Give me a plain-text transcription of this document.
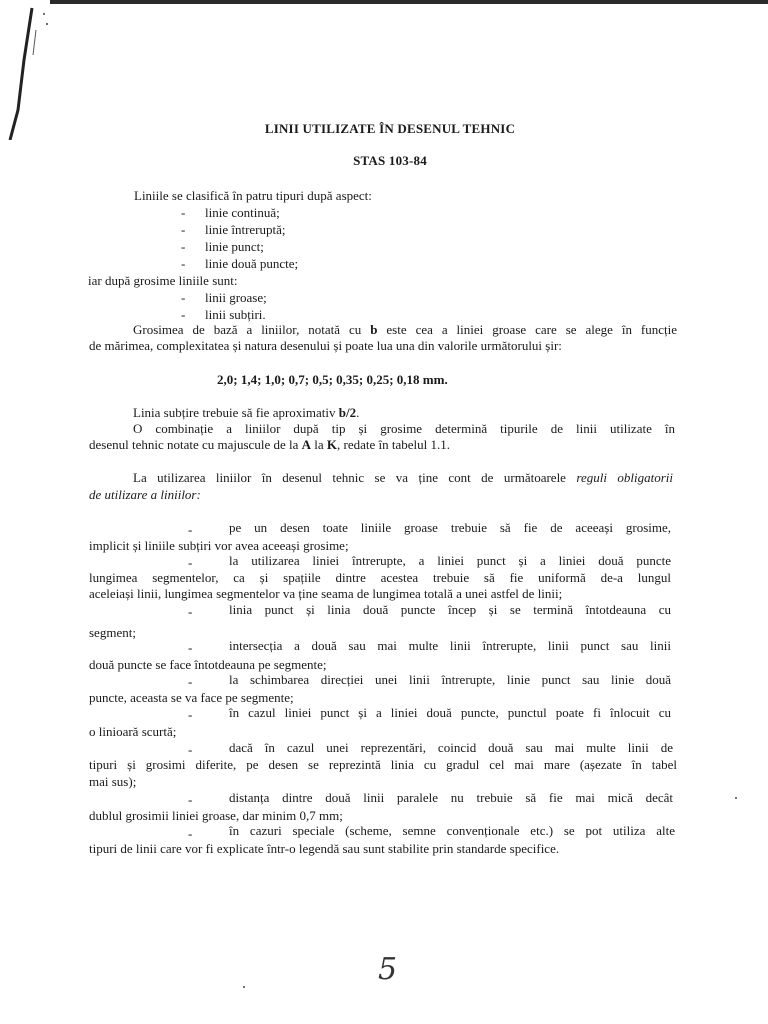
LINII UTILIZATE ÎN DESENUL TEHNIC
STAS 103-84
Liniile se clasifică în patru tipuri după aspect:
- linie continuă;
- linie întreruptă;
- linie punct;
- linie două puncte;
iar după grosime liniile sunt:
- linii groase;
- linii subțiri.
Grosimea de bază a liniilor, notată cu b este cea a liniei groase care se alege în funcție
de mărimea, complexitatea și natura desenului și poate lua una din valorile următorului șir:
2,0; 1,4; 1,0; 0,7; 0,5; 0,35; 0,25; 0,18 mm.
Linia subțire trebuie să fie aproximativ b/2.
O combinație a liniilor după tip și grosime determină tipurile de linii utilizate în
desenul tehnic notate cu majuscule de la A la K, redate în tabelul 1.1.
La utilizarea liniilor în desenul tehnic se va ține cont de următoarele reguli obligatorii
de utilizare a liniilor:
-	pe un desen toate liniile groase trebuie să fie de aceeași grosime,
implicit și liniile subțiri vor avea aceeași grosime;
-	la utilizarea liniei întrerupte, a liniei punct și a liniei două puncte
lungimea segmentelor, ca și spațiile dintre acestea trebuie să fie uniformă de-a lungul
aceleiași linii, lungimea segmentelor va ține seama de lungimea totală a unei astfel de linii;
-	linia punct și linia două puncte încep și se termină întotdeauna cu
segment;
-	intersecția a două sau mai multe linii întrerupte, linii punct sau linii
două puncte se face întotdeauna pe segmente;
-	la schimbarea direcției unei linii întrerupte, linie punct sau linie două
puncte, aceasta se va face pe segmente;
-	în cazul liniei punct și a liniei două puncte, punctul poate fi înlocuit cu
o linioară scurtă;
-	dacă în cazul unei reprezentări, coincid două sau mai multe linii de
tipuri și grosimi diferite, pe desen se reprezintă linia cu gradul cel mai mare (așezate în tabel
mai sus);
-	distanța dintre două linii paralele nu trebuie să fie mai mică decât
dublul grosimii liniei groase, dar minim 0,7 mm;
-	în cazuri speciale (scheme, semne convenționale etc.) se pot utiliza alte
tipuri de linii care vor fi explicate într-o legendă sau sunt stabilite prin standarde specifice.
5
